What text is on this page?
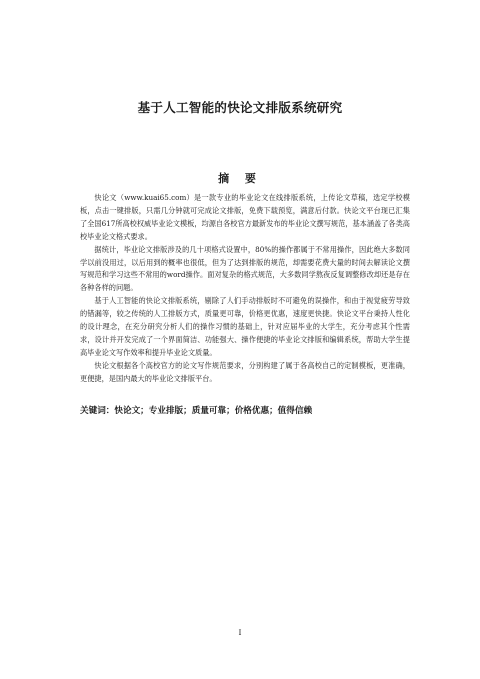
基于人工智能的快论文排版系统研究
摘 要

快论文（www.kuai65.com）是一款专业的毕业论文在线排版系统，上传论文草稿，选定学校模板，点击一键排版，只需几分钟就可完成论文排版，免费下载预览，满意后付款。快论文平台现已汇集了全国617所高校权威毕业论文模板，均源自各校官方最新发布的毕业论文撰写规范，基本涵盖了各类高校毕业论文格式要求。

据统计，毕业论文排版涉及的几十项格式设置中，80%的操作都属于不常用操作，因此绝大多数同学以前没用过，以后用到的概率也很低，但为了达到排版的规范，却需要花费大量的时间去解读论文撰写规范和学习这些不常用的word操作。面对复杂的格式规范，大多数同学熬夜反复调整修改却还是存在各种各样的问题。

基于人工智能的快论文排版系统，剔除了人们手动排版时不可避免的误操作，和由于视觉疲劳导致的错漏等，较之传统的人工排版方式，质量更可靠，价格更优惠，速度更快捷。快论文平台秉持人性化的设计理念，在充分研究分析人们的操作习惯的基础上，针对应届毕业的大学生，充分考虑其个性需求，设计并开发完成了一个界面简洁、功能强大、操作便捷的毕业论文排版和编辑系统，帮助大学生提高毕业论文写作效率和提升毕业论文质量。

快论文根据各个高校官方的论文写作规范要求，分别构建了属于各高校自己的定制模板，更准确，更便捷，是国内最大的毕业论文排版平台。

关键词：快论文；专业排版；质量可靠；价格优惠；值得信赖

I
